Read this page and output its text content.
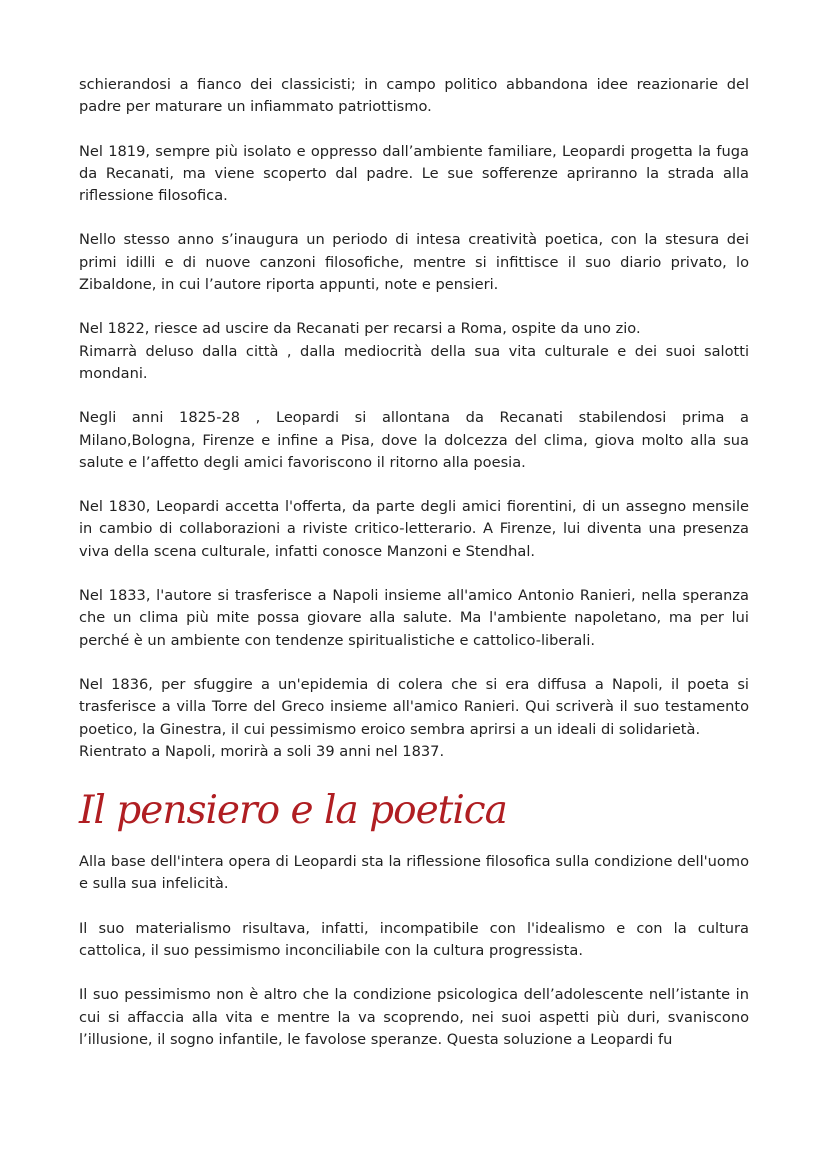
schierandosi a fianco dei classicisti; in campo politico abbandona idee reazionarie del padre per maturare un infiammato patriottismo.

Nel 1819, sempre più isolato e oppresso dall’ambiente familiare, Leopardi progetta la fuga da Recanati, ma viene scoperto dal padre. Le sue sofferenze apriranno la strada alla riflessione filosofica.

Nello stesso anno s’inaugura un periodo di intesa creatività poetica, con la stesura dei primi idilli e di nuove canzoni filosofiche, mentre si infittisce il suo diario privato, lo Zibaldone, in cui l’autore riporta appunti, note e pensieri.

Nel 1822, riesce ad uscire da Recanati per recarsi a Roma, ospite da uno zio.

Rimarrà deluso dalla città , dalla mediocrità della sua vita culturale e dei suoi salotti mondani.

Negli anni 1825-28 , Leopardi si allontana da Recanati stabilendosi prima a Milano,Bologna, Firenze e infine a Pisa, dove la dolcezza del clima, giova molto alla sua salute e l’affetto degli amici favoriscono il ritorno alla poesia.

Nel 1830, Leopardi accetta l'offerta, da parte degli amici fiorentini, di un assegno mensile in cambio di collaborazioni a riviste critico-letterario. A Firenze, lui diventa una presenza viva della scena culturale, infatti conosce Manzoni e Stendhal.

Nel 1833, l'autore si trasferisce a Napoli insieme all'amico Antonio Ranieri, nella speranza che un clima più mite possa giovare alla salute. Ma l'ambiente napoletano, ma per lui perché è un ambiente con tendenze spiritualistiche e cattolico-liberali.

Nel 1836, per sfuggire a un'epidemia di colera che si era diffusa a Napoli, il poeta si trasferisce a villa Torre del Greco insieme all'amico Ranieri. Qui scriverà il suo testamento poetico, la Ginestra, il cui pessimismo eroico sembra aprirsi a un ideali di solidarietà.

Rientrato a Napoli, morirà a soli 39 anni nel 1837.

Il pensiero e la poetica

Alla base dell'intera opera di Leopardi sta la riflessione filosofica sulla condizione dell'uomo e sulla sua infelicità.

Il suo materialismo risultava, infatti, incompatibile con l'idealismo e con la cultura cattolica, il suo pessimismo inconciliabile con la cultura progressista.

Il suo pessimismo non è altro che la condizione psicologica dell’adolescente nell’istante in cui si affaccia alla vita e mentre la va scoprendo, nei suoi aspetti più duri, svaniscono l’illusione, il sogno infantile, le favolose speranze. Questa soluzione a Leopardi fu
